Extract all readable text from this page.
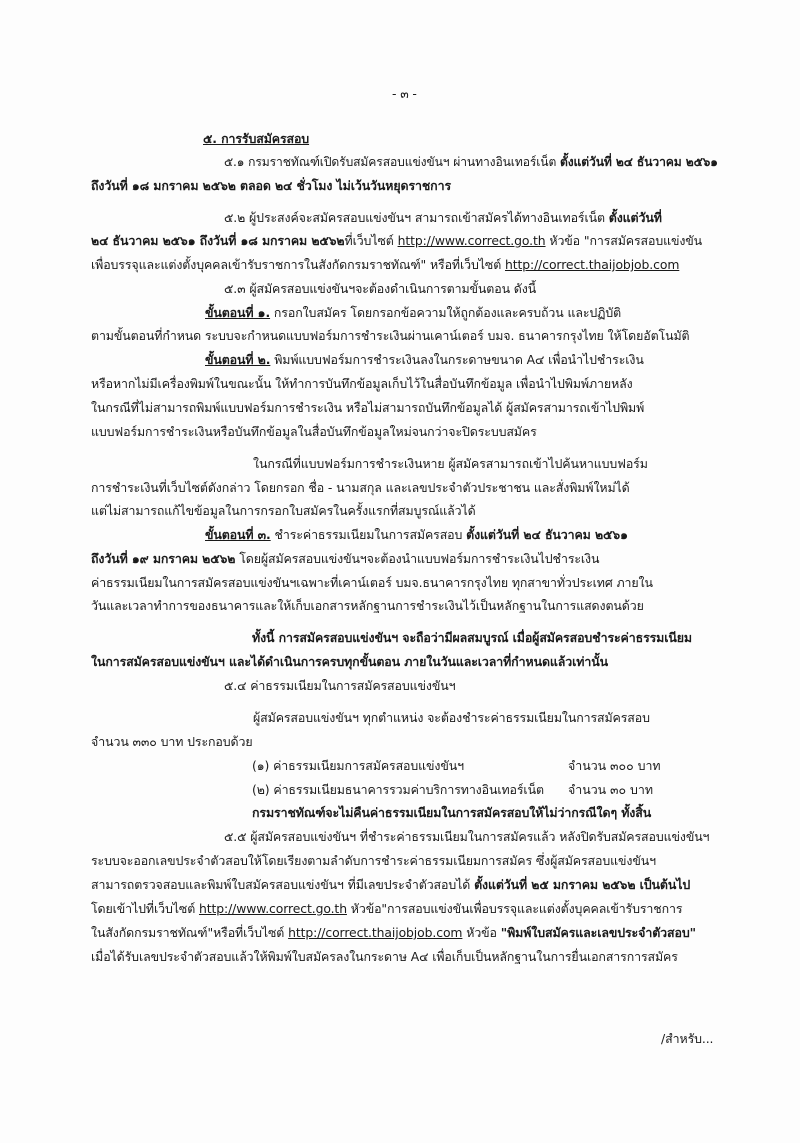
- ๓ -
๕. การรับสมัครสอบ
๕.๑ กรมราชทัณฑ์เปิดรับสมัครสอบแข่งขันฯ ผ่านทางอินเทอร์เน็ต ตั้งแต่วันที่ ๒๔ ธันวาคม ๒๕๖๑
ถึงวันที่ ๑๘ มกราคม ๒๕๖๒ ตลอด ๒๔ ชั่วโมง ไม่เว้นวันหยุดราชการ
๕.๒ ผู้ประสงค์จะสมัครสอบแข่งขันฯ สามารถเข้าสมัครได้ทางอินเทอร์เน็ต ตั้งแต่วันที่
๒๔ ธันวาคม ๒๕๖๑ ถึงวันที่ ๑๘ มกราคม ๒๕๖๒ที่เว็บไซต์ http://www.correct.go.th หัวข้อ "การสมัครสอบแข่งขัน
เพื่อบรรจุและแต่งตั้งบุคคลเข้ารับราชการในสังกัดกรมราชทัณฑ์" หรือที่เว็บไซต์ http://correct.thaijobjob.com
๕.๓ ผู้สมัครสอบแข่งขันฯจะต้องดำเนินการตามขั้นตอน ดังนี้
ขั้นตอนที่ ๑. กรอกใบสมัคร โดยกรอกข้อความให้ถูกต้องและครบถ้วน และปฏิบัติ
ตามขั้นตอนที่กำหนด ระบบจะกำหนดแบบฟอร์มการชำระเงินผ่านเคาน์เตอร์ บมจ. ธนาคารกรุงไทย ให้โดยอัตโนมัติ
ขั้นตอนที่ ๒. พิมพ์แบบฟอร์มการชำระเงินลงในกระดาษขนาด A๔ เพื่อนำไปชำระเงิน
หรือหากไม่มีเครื่องพิมพ์ในขณะนั้น ให้ทำการบันทึกข้อมูลเก็บไว้ในสื่อบันทึกข้อมูล เพื่อนำไปพิมพ์ภายหลัง
ในกรณีที่ไม่สามารถพิมพ์แบบฟอร์มการชำระเงิน หรือไม่สามารถบันทึกข้อมูลได้ ผู้สมัครสามารถเข้าไปพิมพ์
แบบฟอร์มการชำระเงินหรือบันทึกข้อมูลในสื่อบันทึกข้อมูลใหม่จนกว่าจะปิดระบบสมัคร
ในกรณีที่แบบฟอร์มการชำระเงินหาย ผู้สมัครสามารถเข้าไปค้นหาแบบฟอร์ม
การชำระเงินที่เว็บไซต์ดังกล่าว โดยกรอก ชื่อ - นามสกุล และเลขประจำตัวประชาชน และสั่งพิมพ์ใหม่ได้
แต่ไม่สามารถแก้ไขข้อมูลในการกรอกใบสมัครในครั้งแรกที่สมบูรณ์แล้วได้
ขั้นตอนที่ ๓. ชำระค่าธรรมเนียมในการสมัครสอบ ตั้งแต่วันที่ ๒๔ ธันวาคม ๒๕๖๑
ถึงวันที่ ๑๙ มกราคม ๒๕๖๒ โดยผู้สมัครสอบแข่งขันฯจะต้องนำแบบฟอร์มการชำระเงินไปชำระเงิน
ค่าธรรมเนียมในการสมัครสอบแข่งขันฯเฉพาะที่เคาน์เตอร์ บมจ.ธนาคารกรุงไทย ทุกสาขาทั่วประเทศ ภายใน
วันและเวลาทำการของธนาคารและให้เก็บเอกสารหลักฐานการชำระเงินไว้เป็นหลักฐานในการแสดงตนด้วย
ทั้งนี้ การสมัครสอบแข่งขันฯ จะถือว่ามีผลสมบูรณ์ เมื่อผู้สมัครสอบชำระค่าธรรมเนียม
ในการสมัครสอบแข่งขันฯ และได้ดำเนินการครบทุกขั้นตอน ภายในวันและเวลาที่กำหนดแล้วเท่านั้น
๕.๔ ค่าธรรมเนียมในการสมัครสอบแข่งขันฯ
ผู้สมัครสอบแข่งขันฯ ทุกตำแหน่ง จะต้องชำระค่าธรรมเนียมในการสมัครสอบ
จำนวน ๓๓๐ บาท ประกอบด้วย
(๑) ค่าธรรมเนียมการสมัครสอบแข่งขันฯ	จำนวน ๓๐๐ บาท
(๒) ค่าธรรมเนียมธนาคารรวมค่าบริการทางอินเทอร์เน็ต จำนวน ๓๐ บาท
กรมราชทัณฑ์จะไม่คืนค่าธรรมเนียมในการสมัครสอบให้ไม่ว่ากรณีใดๆ ทั้งสิ้น
๕.๕ ผู้สมัครสอบแข่งขันฯ ที่ชำระค่าธรรมเนียมในการสมัครแล้ว หลังปิดรับสมัครสอบแข่งขันฯ
ระบบจะออกเลขประจำตัวสอบให้โดยเรียงตามลำดับการชำระค่าธรรมเนียมการสมัคร ซึ่งผู้สมัครสอบแข่งขันฯ
สามารถตรวจสอบและพิมพ์ใบสมัครสอบแข่งขันฯ ที่มีเลขประจำตัวสอบได้ ตั้งแต่วันที่ ๒๕ มกราคม ๒๕๖๒ เป็นต้นไป
โดยเข้าไปที่เว็บไซต์ http://www.correct.go.th หัวข้อ"การสอบแข่งขันเพื่อบรรจุและแต่งตั้งบุคคลเข้ารับราชการ
ในสังกัดกรมราชทัณฑ์"หรือที่เว็บไซต์ http://correct.thaijobjob.com หัวข้อ "พิมพ์ใบสมัครและเลขประจำตัวสอบ"
เมื่อได้รับเลขประจำตัวสอบแล้วให้พิมพ์ใบสมัครลงในกระดาษ A๔ เพื่อเก็บเป็นหลักฐานในการยื่นเอกสารการสมัคร
/สำหรับ...
